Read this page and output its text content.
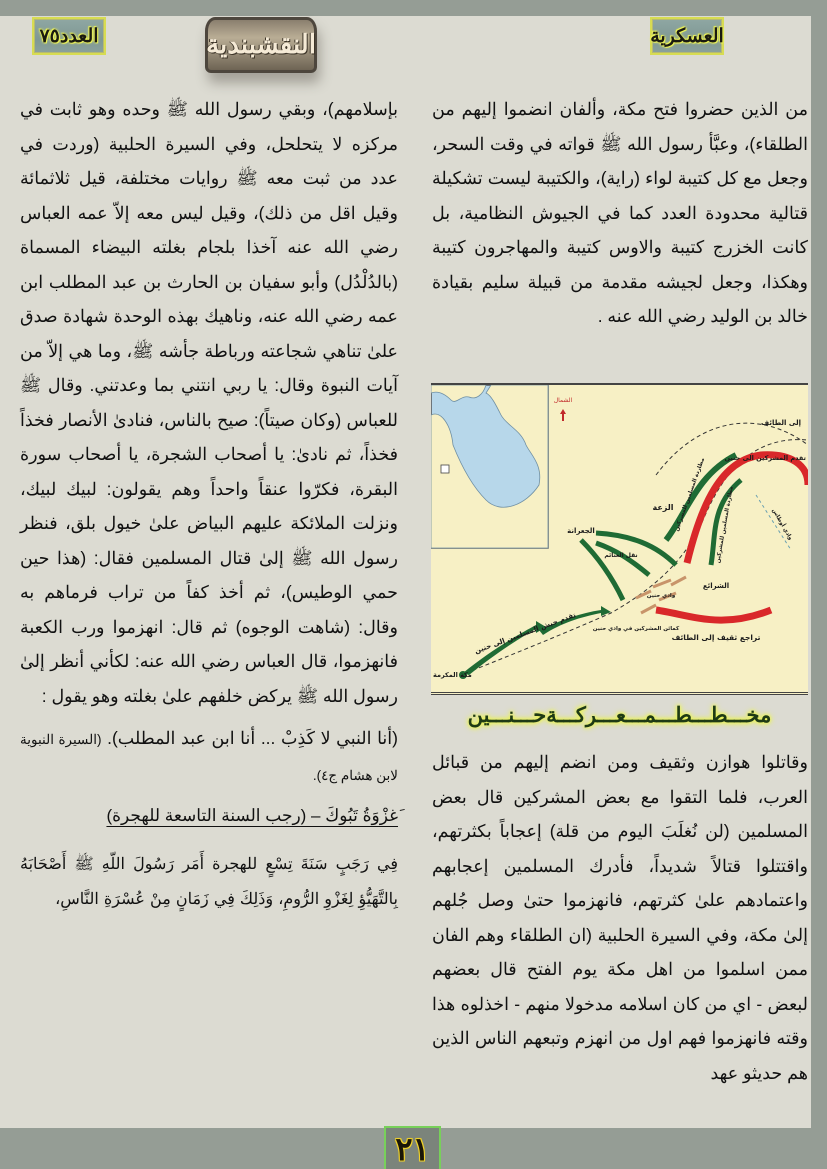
العدد٧٥	النقشبندية	العسكرية

من الذين حضروا فتح مكة، وألفان انضموا إليهم من الطلقاء)، وعبَّأ رسول الله ﷺ قواته في وقت السحر، وجعل مع كل كتيبة لواء (راية)، والكتيبة ليست تشكيلة قتالية محدودة العدد كما في الجيوش النظامية، بل كانت الخزرج كتيبة والاوس كتيبة والمهاجرون كتيبة وهكذا، وجعل لجيشه مقدمة من قبيلة سليم بقيادة خالد بن الوليد رضي الله عنه .

الشمال
إلى الطائف
تقدم المشركين الى حنين
الزعة
الجعرانة
نقل الغنائم
الشرائع
وادي حنين
كمائن المشركين في وادي حنين
تراجع ثقيف إلى الطائف
تقدم جيش المسلمين إلى حنين
مكة المكرمة
وادي أوطاس
مطاردة المسلمين للمشركين مطاردة المسلمين للمشركين
مخـــطـــطـــمـــعـــركـــةحـــنـــين

وقاتلوا هوازن وثقيف ومن انضم إليهم من قبائل العرب، فلما التقوا مع بعض المشركين قال بعض المسلمين (لن نُغلَبَ اليوم من قلة) إعجاباً بكثرتهم، واقتتلوا قتالاً شديداً، فأدرك المسلمين إعجابهم واعتمادهم علىٰ كثرتهم، فانهزموا حتىٰ وصل جُلهم إلىٰ مكة، وفي السيرة الحلبية (ان الطلقاء وهم الفان ممن اسلموا من اهل مكة يوم الفتح قال بعضهم لبعض - اي من كان اسلامه مدخولا منهم - اخذلوه هذا وقته فانهزموا فهم اول من انهزم وتبعهم الناس الذين هم حديثو عهد

بإسلامهم)، وبقي رسول الله ﷺ وحده وهو ثابت في مركزه لا يتحلحل، وفي السيرة الحلبية (وردت في عدد من ثبت معه ﷺ روايات مختلفة، قيل ثلاثمائة وقيل اقل من ذلك)، وقيل ليس معه إلاّ عمه العباس رضي الله عنه آخذا بلجام بغلته البيضاء المسماة (بالدُلْدُل) وأبو سفيان بن الحارث بن عبد المطلب ابن عمه رضي الله عنه، وناهيك بهذه الوحدة شهادة صدق علىٰ تناهي شجاعته ورباطة جأشه ﷺ، وما هي إلاّ من آيات النبوة وقال: يا ربي انتني بما وعدتني. وقال ﷺ للعباس (وكان صيتاً): صيح بالناس، فنادىٰ الأنصار فخذاً فخذاً، ثم نادىٰ: يا أصحاب الشجرة، يا أصحاب سورة البقرة، فكرّوا عنقاً واحداً وهم يقولون: لبيك لبيك، ونزلت الملائكة عليهم البياض علىٰ خيول بلق، فنظر رسول الله ﷺ إلىٰ قتال المسلمين فقال: (هذا حين حمي الوطيس)، ثم أخذ كفاً من تراب فرماهم به وقال: (شاهت الوجوه) ثم قال: انهزموا ورب الكعبة فانهزموا، قال العباس رضي الله عنه: لكأني أنظر إلىٰ رسول الله ﷺ يركض خلفهم علىٰ بغلته وهو يقول :

(أنا النبي لا كَذِبْ ... أنا ابن عبد المطلب). (السيرة النبوية لابن هشام ج٤).

َغزْوَةُ تَبُوكَ – (رجب السنة التاسعة للهجرة)

فِي رَجَبٍ سَنَةَ تِسْعٍ للهجرة أَمَر رَسُولَ اللّهِ ﷺ أَصْحَابَهُ بِالتَّهَيُّؤِ لِغَزْوِ الرُّومِ، وَذَلِكَ فِي زَمَانٍ مِنْ عُسْرَةِ النَّاسِ،

٢١
